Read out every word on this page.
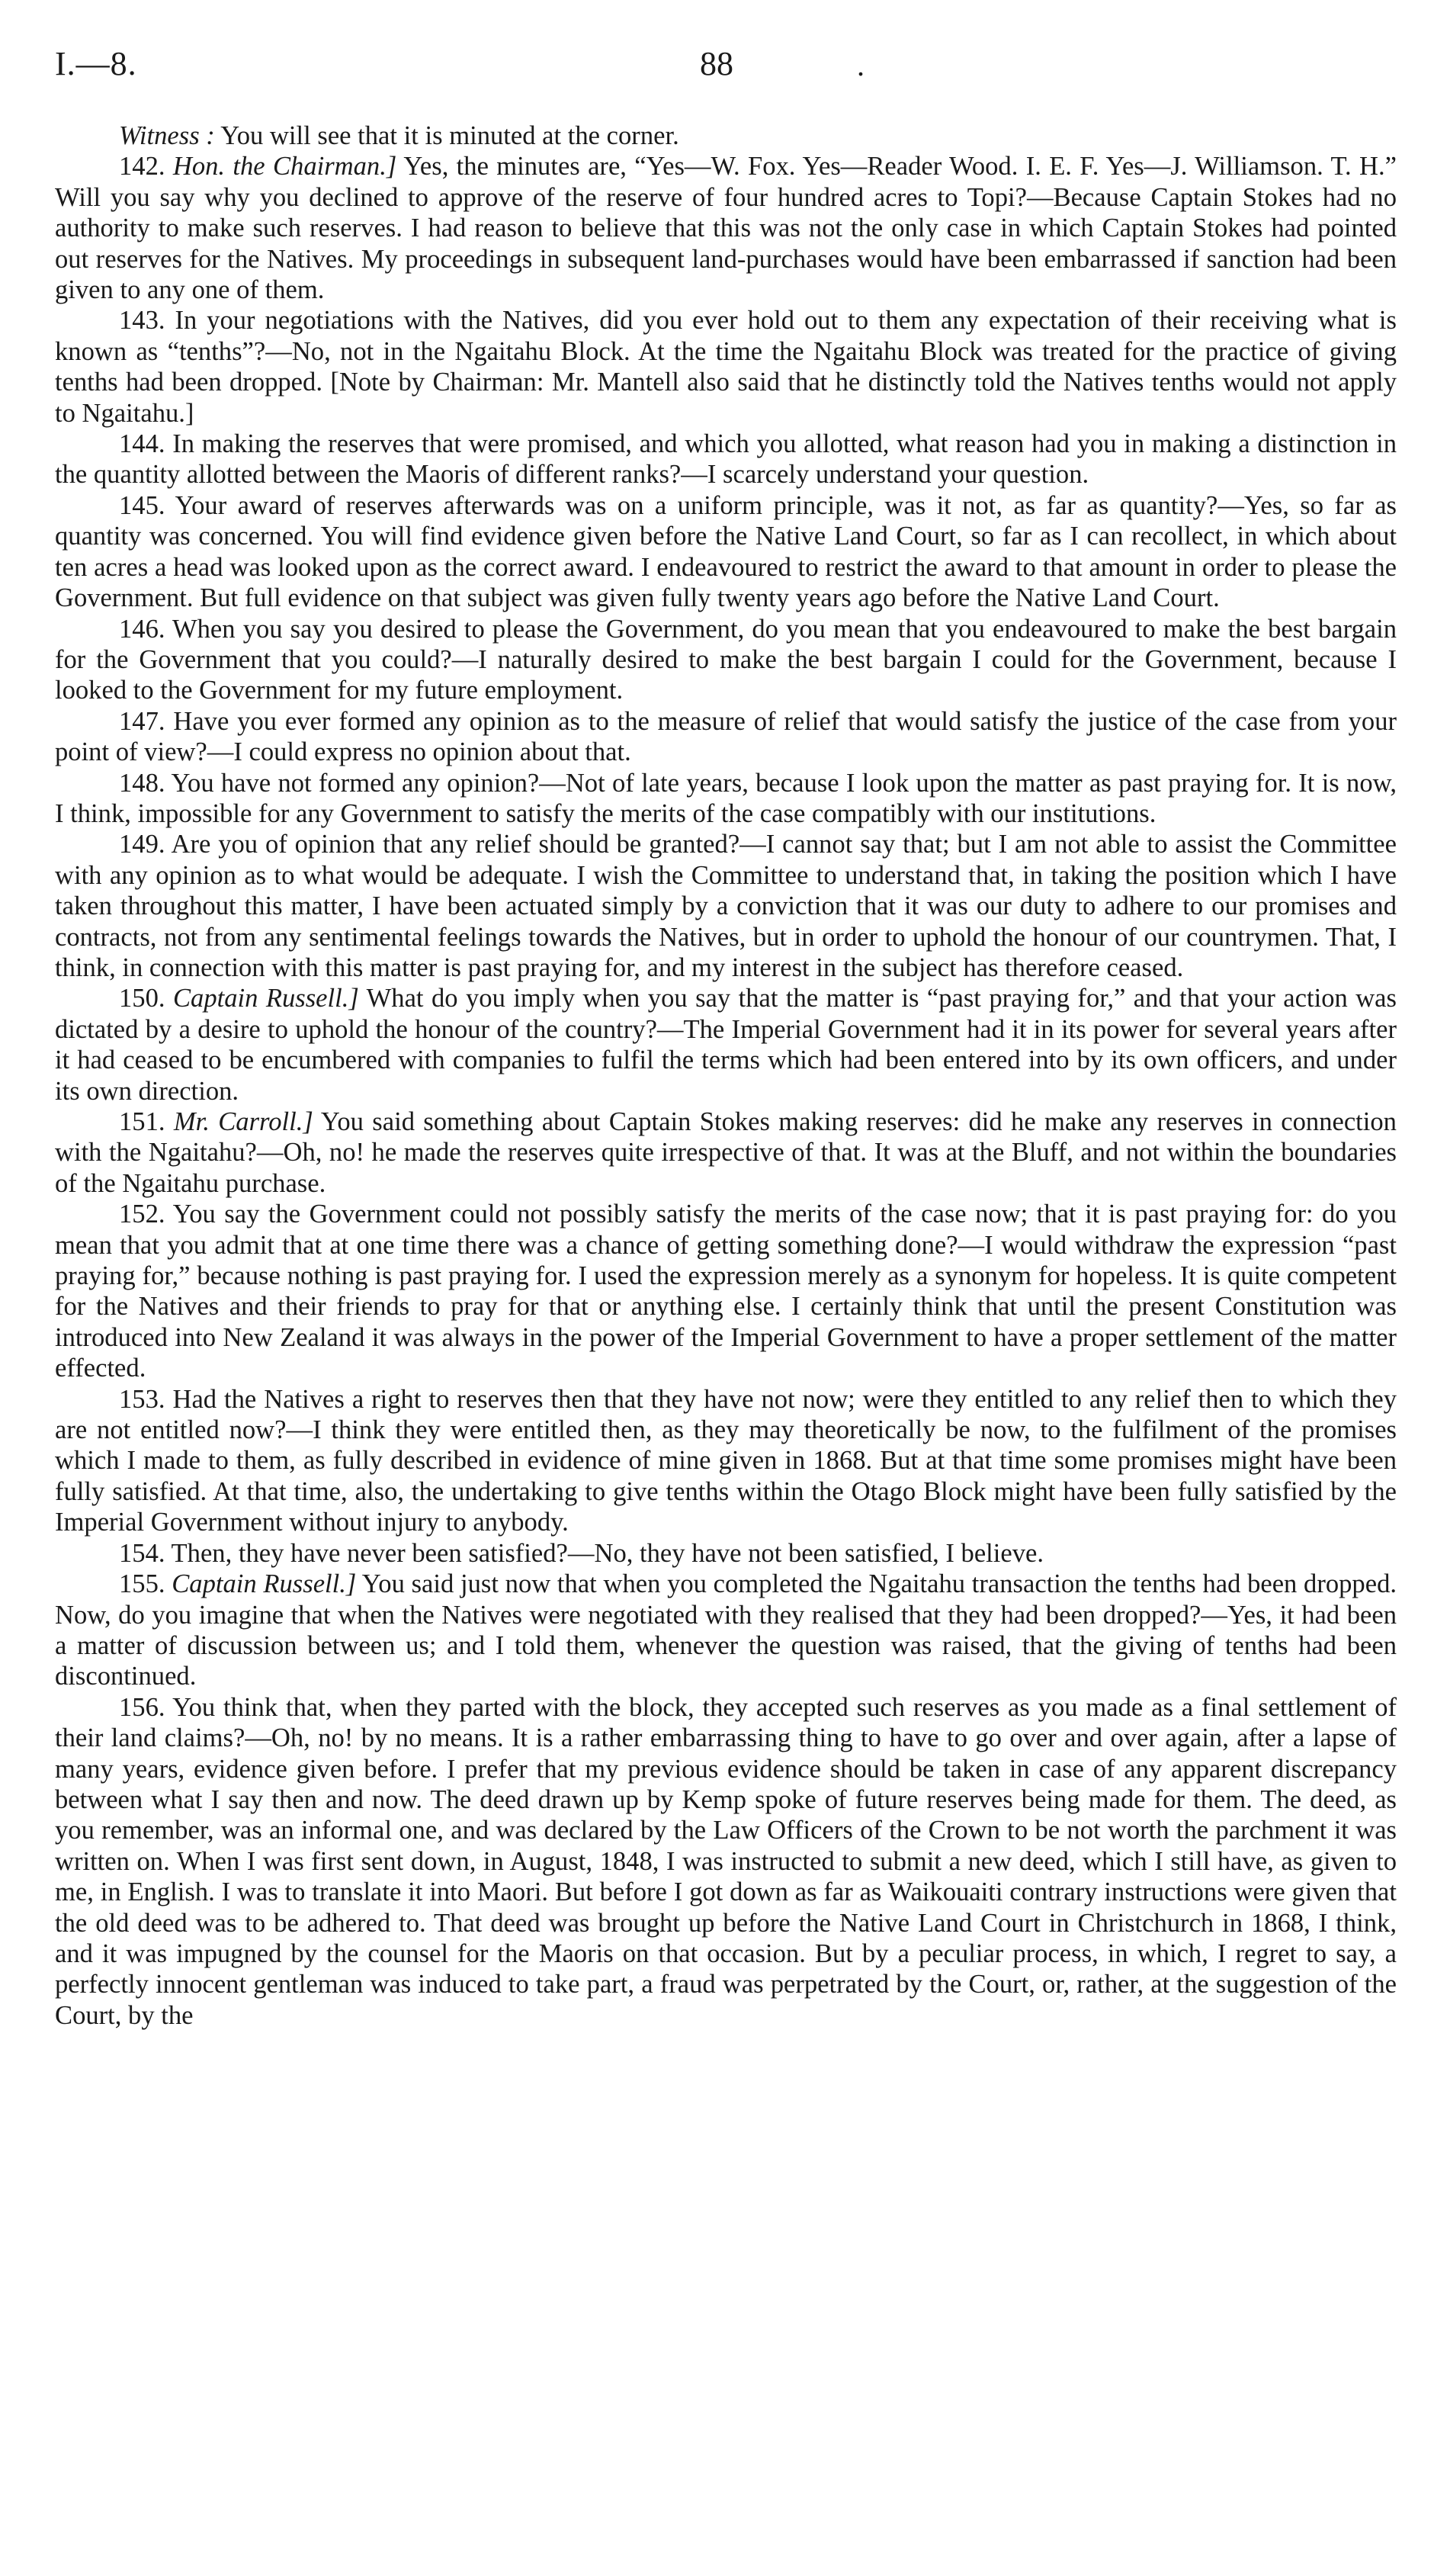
I.—8.	88	.

Witness : You will see that it is minuted at the corner.

142. Hon. the Chairman.] Yes, the minutes are, “Yes—W. Fox. Yes—Reader Wood. I. E. F. Yes—J. Williamson. T. H.” Will you say why you declined to approve of the reserve of four hundred acres to Topi?—Because Captain Stokes had no authority to make such reserves. I had reason to believe that this was not the only case in which Captain Stokes had pointed out reserves for the Natives. My proceedings in subsequent land-purchases would have been embarrassed if sanction had been given to any one of them.

143. In your negotiations with the Natives, did you ever hold out to them any expectation of their receiving what is known as “tenths”?—No, not in the Ngaitahu Block. At the time the Ngaitahu Block was treated for the practice of giving tenths had been dropped. [Note by Chairman: Mr. Mantell also said that he distinctly told the Natives tenths would not apply to Ngaitahu.]

144. In making the reserves that were promised, and which you allotted, what reason had you in making a distinction in the quantity allotted between the Maoris of different ranks?—I scarcely understand your question.

145. Your award of reserves afterwards was on a uniform principle, was it not, as far as quantity?—Yes, so far as quantity was concerned. You will find evidence given before the Native Land Court, so far as I can recollect, in which about ten acres a head was looked upon as the correct award. I endeavoured to restrict the award to that amount in order to please the Government. But full evidence on that subject was given fully twenty years ago before the Native Land Court.

146. When you say you desired to please the Government, do you mean that you endeavoured to make the best bargain for the Government that you could?—I naturally desired to make the best bargain I could for the Government, because I looked to the Government for my future employment.

147. Have you ever formed any opinion as to the measure of relief that would satisfy the justice of the case from your point of view?—I could express no opinion about that.

148. You have not formed any opinion?—Not of late years, because I look upon the matter as past praying for. It is now, I think, impossible for any Government to satisfy the merits of the case compatibly with our institutions.

149. Are you of opinion that any relief should be granted?—I cannot say that; but I am not able to assist the Committee with any opinion as to what would be adequate. I wish the Committee to understand that, in taking the position which I have taken throughout this matter, I have been actuated simply by a conviction that it was our duty to adhere to our promises and contracts, not from any sentimental feelings towards the Natives, but in order to uphold the honour of our countrymen. That, I think, in connection with this matter is past praying for, and my interest in the subject has therefore ceased.

150. Captain Russell.] What do you imply when you say that the matter is “past praying for,” and that your action was dictated by a desire to uphold the honour of the country?—The Imperial Government had it in its power for several years after it had ceased to be encumbered with companies to fulfil the terms which had been entered into by its own officers, and under its own direction.

151. Mr. Carroll.] You said something about Captain Stokes making reserves: did he make any reserves in connection with the Ngaitahu?—Oh, no! he made the reserves quite irrespective of that. It was at the Bluff, and not within the boundaries of the Ngaitahu purchase.

152. You say the Government could not possibly satisfy the merits of the case now; that it is past praying for: do you mean that you admit that at one time there was a chance of getting something done?—I would withdraw the expression “past praying for,” because nothing is past praying for. I used the expression merely as a synonym for hopeless. It is quite competent for the Natives and their friends to pray for that or anything else. I certainly think that until the present Constitution was introduced into New Zealand it was always in the power of the Imperial Government to have a proper settlement of the matter effected.

153. Had the Natives a right to reserves then that they have not now; were they entitled to any relief then to which they are not entitled now?—I think they were entitled then, as they may theoretically be now, to the fulfilment of the promises which I made to them, as fully described in evidence of mine given in 1868. But at that time some promises might have been fully satisfied. At that time, also, the undertaking to give tenths within the Otago Block might have been fully satisfied by the Imperial Government without injury to anybody.

154. Then, they have never been satisfied?—No, they have not been satisfied, I believe.

155. Captain Russell.] You said just now that when you completed the Ngaitahu transaction the tenths had been dropped. Now, do you imagine that when the Natives were negotiated with they realised that they had been dropped?—Yes, it had been a matter of discussion between us; and I told them, whenever the question was raised, that the giving of tenths had been discontinued.

156. You think that, when they parted with the block, they accepted such reserves as you made as a final settlement of their land claims?—Oh, no! by no means. It is a rather embarrassing thing to have to go over and over again, after a lapse of many years, evidence given before. I prefer that my previous evidence should be taken in case of any apparent discrepancy between what I say then and now. The deed drawn up by Kemp spoke of future reserves being made for them. The deed, as you remember, was an informal one, and was declared by the Law Officers of the Crown to be not worth the parchment it was written on. When I was first sent down, in August, 1848, I was instructed to submit a new deed, which I still have, as given to me, in English. I was to translate it into Maori. But before I got down as far as Waikouaiti contrary instructions were given that the old deed was to be adhered to. That deed was brought up before the Native Land Court in Christchurch in 1868, I think, and it was impugned by the counsel for the Maoris on that occasion. But by a peculiar process, in which, I regret to say, a perfectly innocent gentleman was induced to take part, a fraud was perpetrated by the Court, or, rather, at the suggestion of the Court, by the
